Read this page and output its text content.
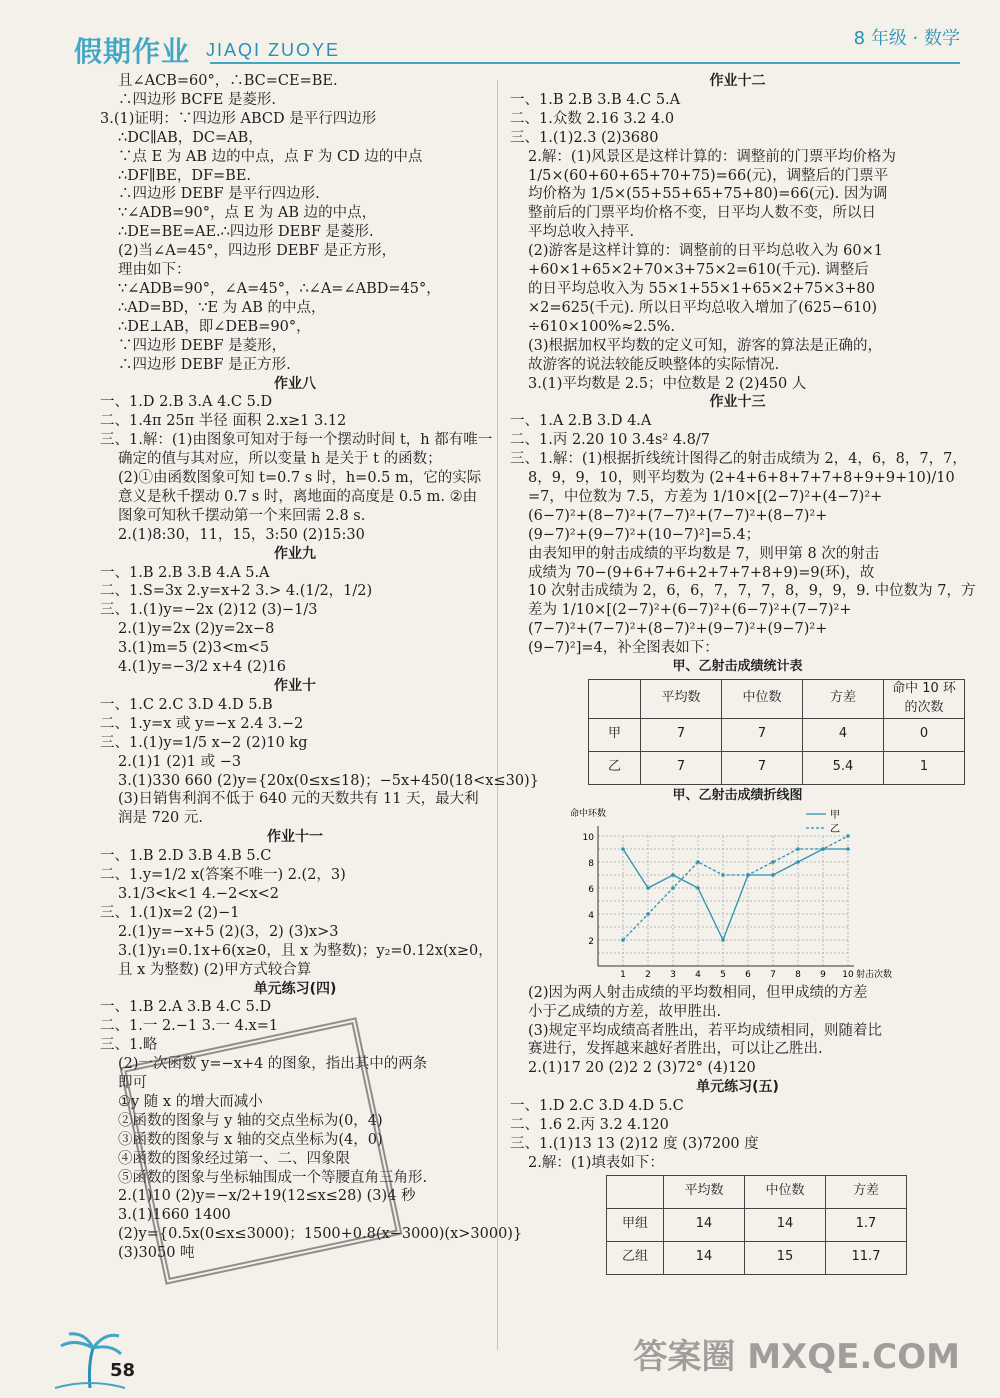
假期作业 JIAQI ZUOYE
8 年级 · 数学
且∠ACB=60°，∴BC=CE=BE.
∴四边形 BCFE 是菱形.
3.(1)证明：∵四边形 ABCD 是平行四边形
∴DC∥AB，DC=AB，
∵点 E 为 AB 边的中点，点 F 为 CD 边的中点
∴DF∥BE，DF=BE.
∴四边形 DEBF 是平行四边形.
∵∠ADB=90°，点 E 为 AB 边的中点，
∴DE=BE=AE.∴四边形 DEBF 是菱形.
(2)当∠A=45°，四边形 DEBF 是正方形，
理由如下：
∵∠ADB=90°，∠A=45°，∴∠A=∠ABD=45°，
∴AD=BD，∵E 为 AB 的中点，
∴DE⊥AB，即∠DEB=90°，
∵四边形 DEBF 是菱形，
∴四边形 DEBF 是正方形.
作业八
一、1.D 2.B 3.A 4.C 5.D
二、1.4π 25π 半径 面积 2.x≥1 3.12
三、1.解：(1)由图象可知对于每一个摆动时间 t，h 都有唯一
确定的值与其对应，所以变量 h 是关于 t 的函数；
(2)①由函数图象可知 t=0.7 s 时，h=0.5 m，它的实际
意义是秋千摆动 0.7 s 时，离地面的高度是 0.5 m. ②由
图象可知秋千摆动第一个来回需 2.8 s.
2.(1)8:30，11，15，3:50 (2)15:30
作业九
一、1.B 2.B 3.B 4.A 5.A
二、1.S=3x 2.y=x+2 3.> 4.(1/2，1/2)
三、1.(1)y=−2x (2)12 (3)−1/3
2.(1)y=2x (2)y=2x−8
3.(1)m=5 (2)3<m<5
4.(1)y=−3/2 x+4 (2)16
作业十
一、1.C 2.C 3.D 4.D 5.B
二、1.y=x 或 y=−x 2.4 3.−2
三、1.(1)y=1/5 x−2 (2)10 kg
2.(1)1 (2)1 或 −3
3.(1)330 660 (2)y={20x(0≤x≤18)；−5x+450(18<x≤30)}
(3)日销售利润不低于 640 元的天数共有 11 天，最大利
润是 720 元.
作业十一
一、1.B 2.D 3.B 4.B 5.C
二、1.y=1/2 x(答案不唯一) 2.(2，3)
3.1/3<k<1 4.−2<x<2
三、1.(1)x=2 (2)−1
2.(1)y=−x+5 (2)(3，2) (3)x>3
3.(1)y₁=0.1x+6(x≥0，且 x 为整数)；y₂=0.12x(x≥0，
且 x 为整数) (2)甲方式较合算
单元练习(四)
一、1.B 2.A 3.B 4.C 5.D
二、1.一 2.−1 3.一 4.x=1
三、1.略
(2)一次函数 y=−x+4 的图象，指出其中的两条
即可
①y 随 x 的增大而减小
②函数的图象与 y 轴的交点坐标为(0，4)
③函数的图象与 x 轴的交点坐标为(4，0)
④函数的图象经过第一、二、四象限
⑤函数的图象与坐标轴围成一个等腰直角三角形.
2.(1)10 (2)y=−x/2+19(12≤x≤28) (3)4 秒
3.(1)1660 1400
(2)y={0.5x(0≤x≤3000)；1500+0.8(x−3000)(x>3000)}
(3)3050 吨
作业十二
一、1.B 2.B 3.B 4.C 5.A
二、1.众数 2.16 3.2 4.0
三、1.(1)2.3 (2)3680
2.解：(1)风景区是这样计算的：调整前的门票平均价格为
1/5×(60+60+65+70+75)=66(元)，调整后的门票平
均价格为 1/5×(55+55+65+75+80)=66(元). 因为调
整前后的门票平均价格不变，日平均人数不变，所以日
平均总收入持平.
(2)游客是这样计算的：调整前的日平均总收入为 60×1
+60×1+65×2+70×3+75×2=610(千元). 调整后
的日平均总收入为 55×1+55×1+65×2+75×3+80
×2=625(千元). 所以日平均总收入增加了(625−610)
÷610×100%≈2.5%.
(3)根据加权平均数的定义可知，游客的算法是正确的，
故游客的说法较能反映整体的实际情况.
3.(1)平均数是 2.5；中位数是 2 (2)450 人
作业十三
一、1.A 2.B 3.D 4.A
二、1.丙 2.20 10 3.4s² 4.8/7
三、1.解：(1)根据折线统计图得乙的射击成绩为 2，4，6，8，7，7，
8，9，9，10，则平均数为 (2+4+6+8+7+7+8+9+9+10)/10
=7，中位数为 7.5，方差为 1/10×[(2−7)²+(4−7)²+
(6−7)²+(8−7)²+(7−7)²+(7−7)²+(8−7)²+
(9−7)²+(9−7)²+(10−7)²]=5.4；
由表知甲的射击成绩的平均数是 7，则甲第 8 次的射击
成绩为 70−(9+6+7+6+2+7+7+8+9)=9(环)，故
10 次射击成绩为 2，6，6，7，7，7，8，9，9，9. 中位数为 7，方
差为 1/10×[(2−7)²+(6−7)²+(6−7)²+(7−7)²+
(7−7)²+(7−7)²+(8−7)²+(9−7)²+(9−7)²+
(9−7)²]=4，补全图表如下：
甲、乙射击成绩统计表
	平均数	中位数	方差	命中 10 环的次数
甲	7	7	4	0
乙	7	7	5.4	1
甲、乙射击成绩折线图
2
4
6
8
10
1 2 3 4 5 6 7 8 9 10
命中环数
射击次数
甲
乙
(2)因为两人射击成绩的平均数相同，但甲成绩的方差
小于乙成绩的方差，故甲胜出.
(3)规定平均成绩高者胜出，若平均成绩相同，则随着比
赛进行，发挥越来越好者胜出，可以让乙胜出.
2.(1)17 20 (2)2 2 (3)72° (4)120
单元练习(五)
一、1.D 2.C 3.D 4.D 5.C
二、1.6 2.丙 3.2 4.120
三、1.(1)13 13 (2)12 度 (3)7200 度
2.解：(1)填表如下：
	平均数	中位数	方差
甲组	14	14	1.7
乙组	14	15	11.7
58	答案圈 MXQE.COM
